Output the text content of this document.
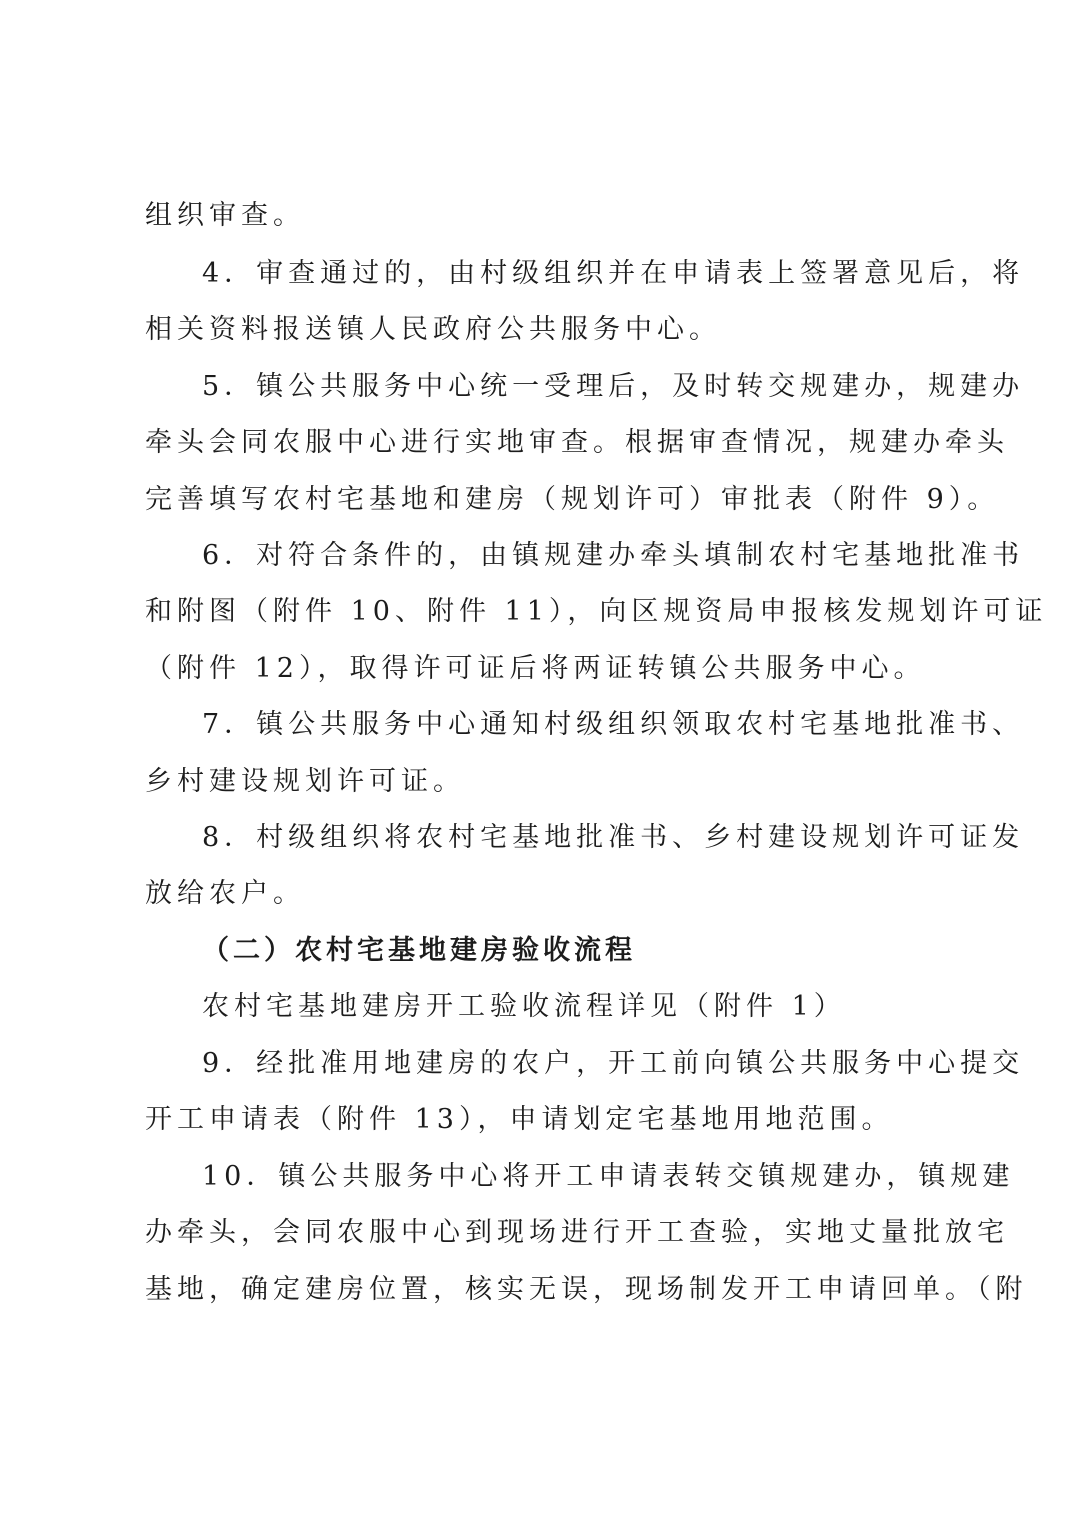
组织审查。
4．审查通过的，由村级组织并在申请表上签署意见后，将
相关资料报送镇人民政府公共服务中心。
5．镇公共服务中心统一受理后，及时转交规建办，规建办
牵头会同农服中心进行实地审查。根据审查情况，规建办牵头
完善填写农村宅基地和建房（规划许可）审批表（附件 9）。
6．对符合条件的，由镇规建办牵头填制农村宅基地批准书
和附图（附件 10、附件 11），向区规资局申报核发规划许可证
（附件 12），取得许可证后将两证转镇公共服务中心。
7．镇公共服务中心通知村级组织领取农村宅基地批准书、
乡村建设规划许可证。
8．村级组织将农村宅基地批准书、乡村建设规划许可证发
放给农户。
（二）农村宅基地建房验收流程
农村宅基地建房开工验收流程详见（附件 1）
9．经批准用地建房的农户，开工前向镇公共服务中心提交
开工申请表（附件 13），申请划定宅基地用地范围。
10．镇公共服务中心将开工申请表转交镇规建办，镇规建
办牵头，会同农服中心到现场进行开工查验，实地丈量批放宅
基地，确定建房位置，核实无误，现场制发开工申请回单。（附
